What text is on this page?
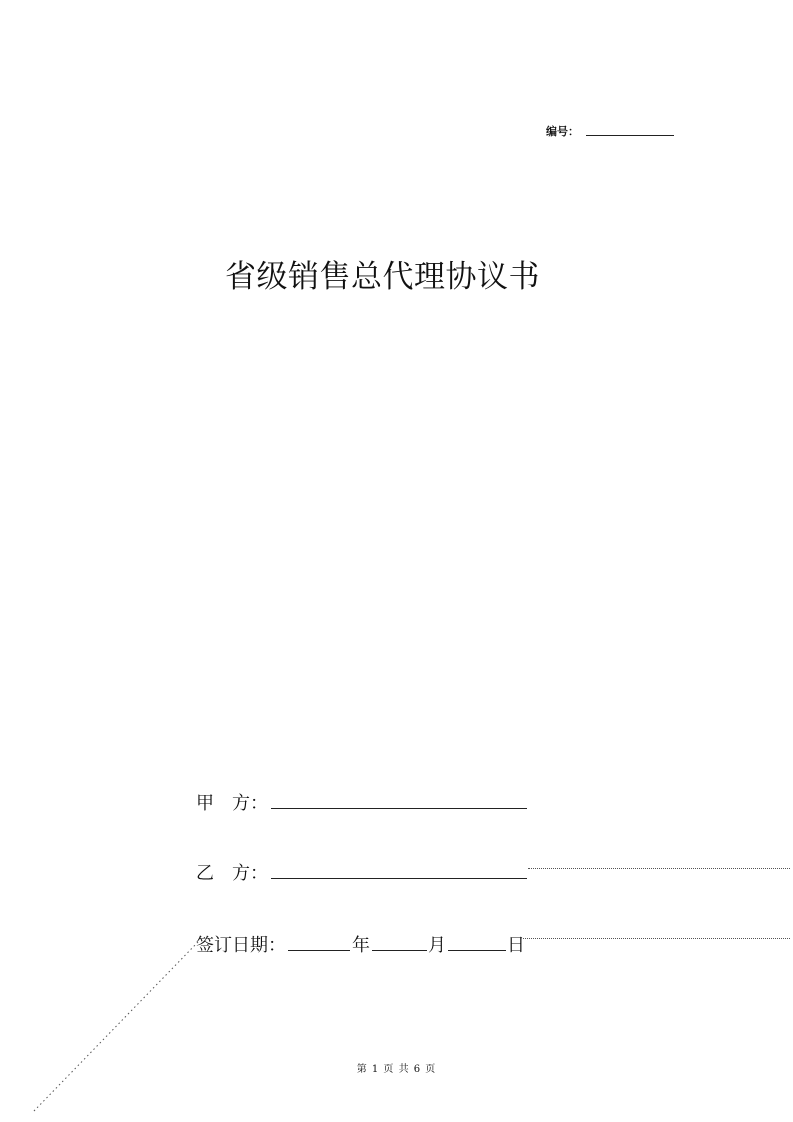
编号：
省级销售总代理协议书
甲　方：
乙　方：
签订日期：	年	月	日
第 1 页 共 6 页
